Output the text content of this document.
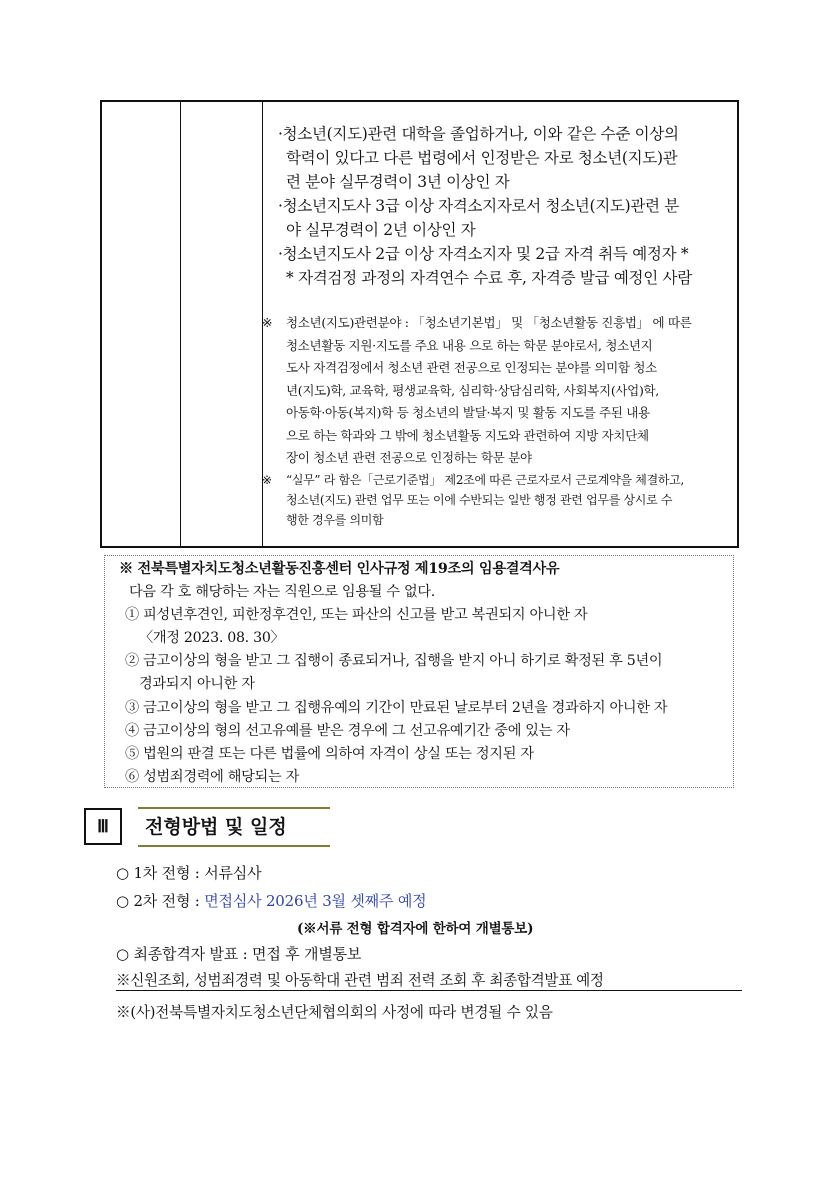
·청소년(지도)관련 대학을 졸업하거나, 이와 같은 수준 이상의

학력이 있다고 다른 법령에서 인정받은 자로 청소년(지도)관

련 분야 실무경력이 3년 이상인 자

·청소년지도사 3급 이상 자격소지자로서 청소년(지도)관련 분

야 실무경력이 2년 이상인 자

·청소년지도사 2급 이상 자격소지자 및 2급 자격 취득 예정자 *

* 자격검정 과정의 자격연수 수료 후, 자격증 발급 예정인 사람

※ 청소년(지도)관련분야 : 「청소년기본법」 및 「청소년활동 진흥법」 에 따른
청소년활동 지원·지도를 주요 내용 으로 하는 학문 분야로서, 청소년지
도사 자격검정에서 청소년 관련 전공으로 인정되는 분야를 의미함 청소
년(지도)학, 교육학, 평생교육학, 심리학·상담심리학, 사회복지(사업)학,
아동학·아동(복지)학 등 청소년의 발달·복지 및 활동 지도를 주된 내용
으로 하는 학과와 그 밖에 청소년활동 지도와 관련하여 지방 자치단체
장이 청소년 관련 전공으로 인정하는 학문 분야
※ “실무” 라 함은「근로기준법」 제2조에 따른 근로자로서 근로계약을 체결하고,
청소년(지도) 관련 업무 또는 이에 수반되는 일반 행정 관련 업무를 상시로 수
행한 경우를 의미함

※ 전북특별자치도청소년활동진흥센터 인사규정 제19조의 임용결격사유

다음 각 호 해당하는 자는 직원으로 임용될 수 없다.

① 피성년후견인, 피한정후견인, 또는 파산의 신고를 받고 복권되지 아니한 자

〈개정 2023. 08. 30〉

② 금고이상의 형을 받고 그 집행이 종료되거나, 집행을 받지 아니 하기로 확정된 후 5년이

경과되지 아니한 자

③ 금고이상의 형을 받고 그 집행유예의 기간이 만료된 날로부터 2년을 경과하지 아니한 자

④ 금고이상의 형의 선고유예를 받은 경우에 그 선고유예기간 중에 있는 자

⑤ 법원의 판결 또는 다른 법률에 의하여 자격이 상실 또는 정지된 자

⑥ 성범죄경력에 해당되는 자

Ⅲ	전형방법 및 일정
○ 1차 전형 : 서류심사
○ 2차 전형 : 면접심사 2026년 3월 셋째주 예정
(※서류 전형 합격자에 한하여 개별통보)
○ 최종합격자 발표 : 면접 후 개별통보
※신원조회, 성범죄경력 및 아동학대 관련 범죄 전력 조회 후 최종합격발표 예정
※(사)전북특별자치도청소년단체협의회의 사정에 따라 변경될 수 있음
